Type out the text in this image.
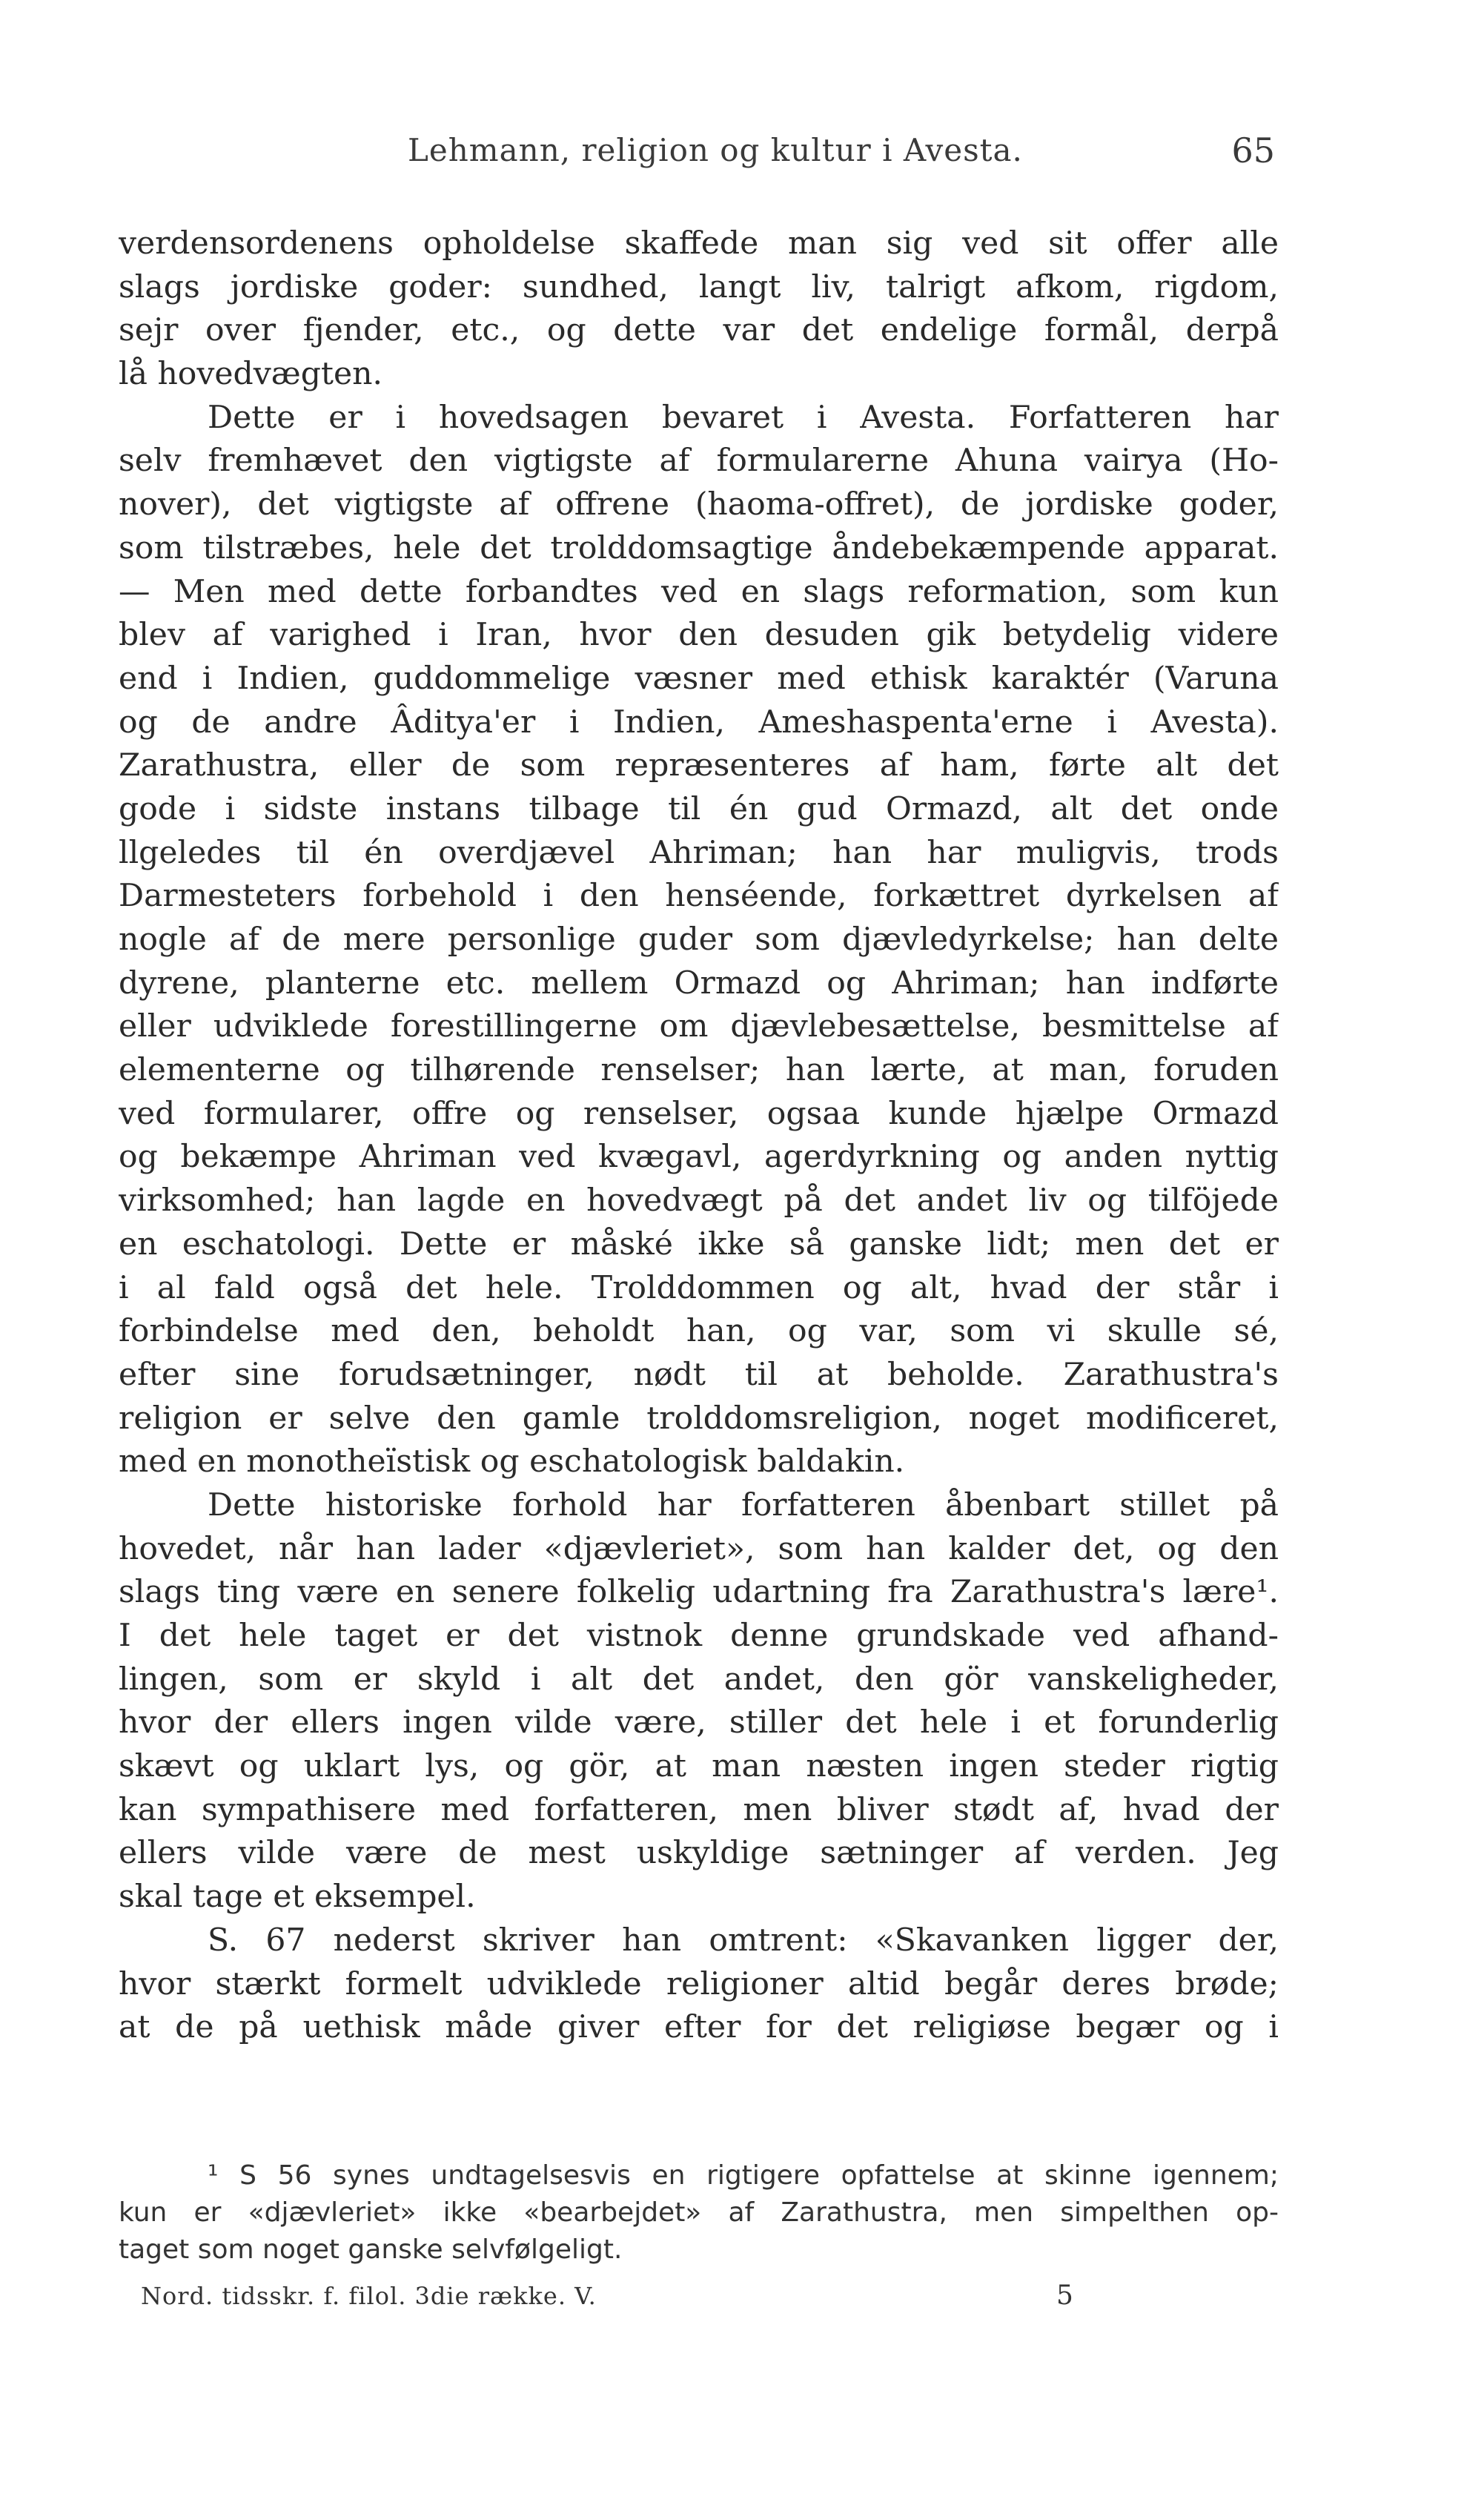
Lehmann, religion og kultur i Avesta.	65
verdensordenens opholdelse skaffede man sig ved sit offer alle
slags jordiske goder: sundhed, langt liv, talrigt afkom, rigdom,
sejr over fjender, etc., og dette var det endelige formål, derpå
lå hovedvægten.
Dette er i hovedsagen bevaret i Avesta. Forfatteren har
selv fremhævet den vigtigste af formularerne Ahuna vairya (Ho-
nover), det vigtigste af offrene (haoma-offret), de jordiske goder,
som tilstræbes, hele det trolddomsagtige åndebekæmpende apparat.
— Men med dette forbandtes ved en slags reformation, som kun
blev af varighed i Iran, hvor den desuden gik betydelig videre
end i Indien, guddommelige væsner med ethisk karaktér (Varuna
og de andre Âditya'er i Indien, Ameshaspenta'erne i Avesta).
Zarathustra, eller de som repræsenteres af ham, førte alt det
gode i sidste instans tilbage til én gud Ormazd, alt det onde
llgeledes til én overdjævel Ahriman; han har muligvis, trods
Darmesteters forbehold i den henséende, forkættret dyrkelsen af
nogle af de mere personlige guder som djævledyrkelse; han delte
dyrene, planterne etc. mellem Ormazd og Ahriman; han indførte
eller udviklede forestillingerne om djævlebesættelse, besmittelse af
elementerne og tilhørende renselser; han lærte, at man, foruden
ved formularer, offre og renselser, ogsaa kunde hjælpe Ormazd
og bekæmpe Ahriman ved kvægavl, agerdyrkning og anden nyttig
virksomhed; han lagde en hovedvægt på det andet liv og tilföjede
en eschatologi. Dette er måské ikke så ganske lidt; men det er
i al fald også det hele. Trolddommen og alt, hvad der står i
forbindelse med den, beholdt han, og var, som vi skulle sé,
efter sine forudsætninger, nødt til at beholde. Zarathustra's
religion er selve den gamle trolddomsreligion, noget modificeret,
med en monotheïstisk og eschatologisk baldakin.
Dette historiske forhold har forfatteren åbenbart stillet på
hovedet, når han lader «djævleriet», som han kalder det, og den
slags ting være en senere folkelig udartning fra Zarathustra's lære¹.
I det hele taget er det vistnok denne grundskade ved afhand-
lingen, som er skyld i alt det andet, den gör vanskeligheder,
hvor der ellers ingen vilde være, stiller det hele i et forunderlig
skævt og uklart lys, og gör, at man næsten ingen steder rigtig
kan sympathisere med forfatteren, men bliver stødt af, hvad der
ellers vilde være de mest uskyldige sætninger af verden. Jeg
skal tage et eksempel.
S. 67 nederst skriver han omtrent: «Skavanken ligger der,
hvor stærkt formelt udviklede religioner altid begår deres brøde;
at de på uethisk måde giver efter for det religiøse begær og i
¹ S 56 synes undtagelsesvis en rigtigere opfattelse at skinne igennem;
kun er «djævleriet» ikke «bearbejdet» af Zarathustra, men simpelthen op-
taget som noget ganske selvfølgeligt.
Nord. tidsskr. f. filol. 3die række. V.	5
